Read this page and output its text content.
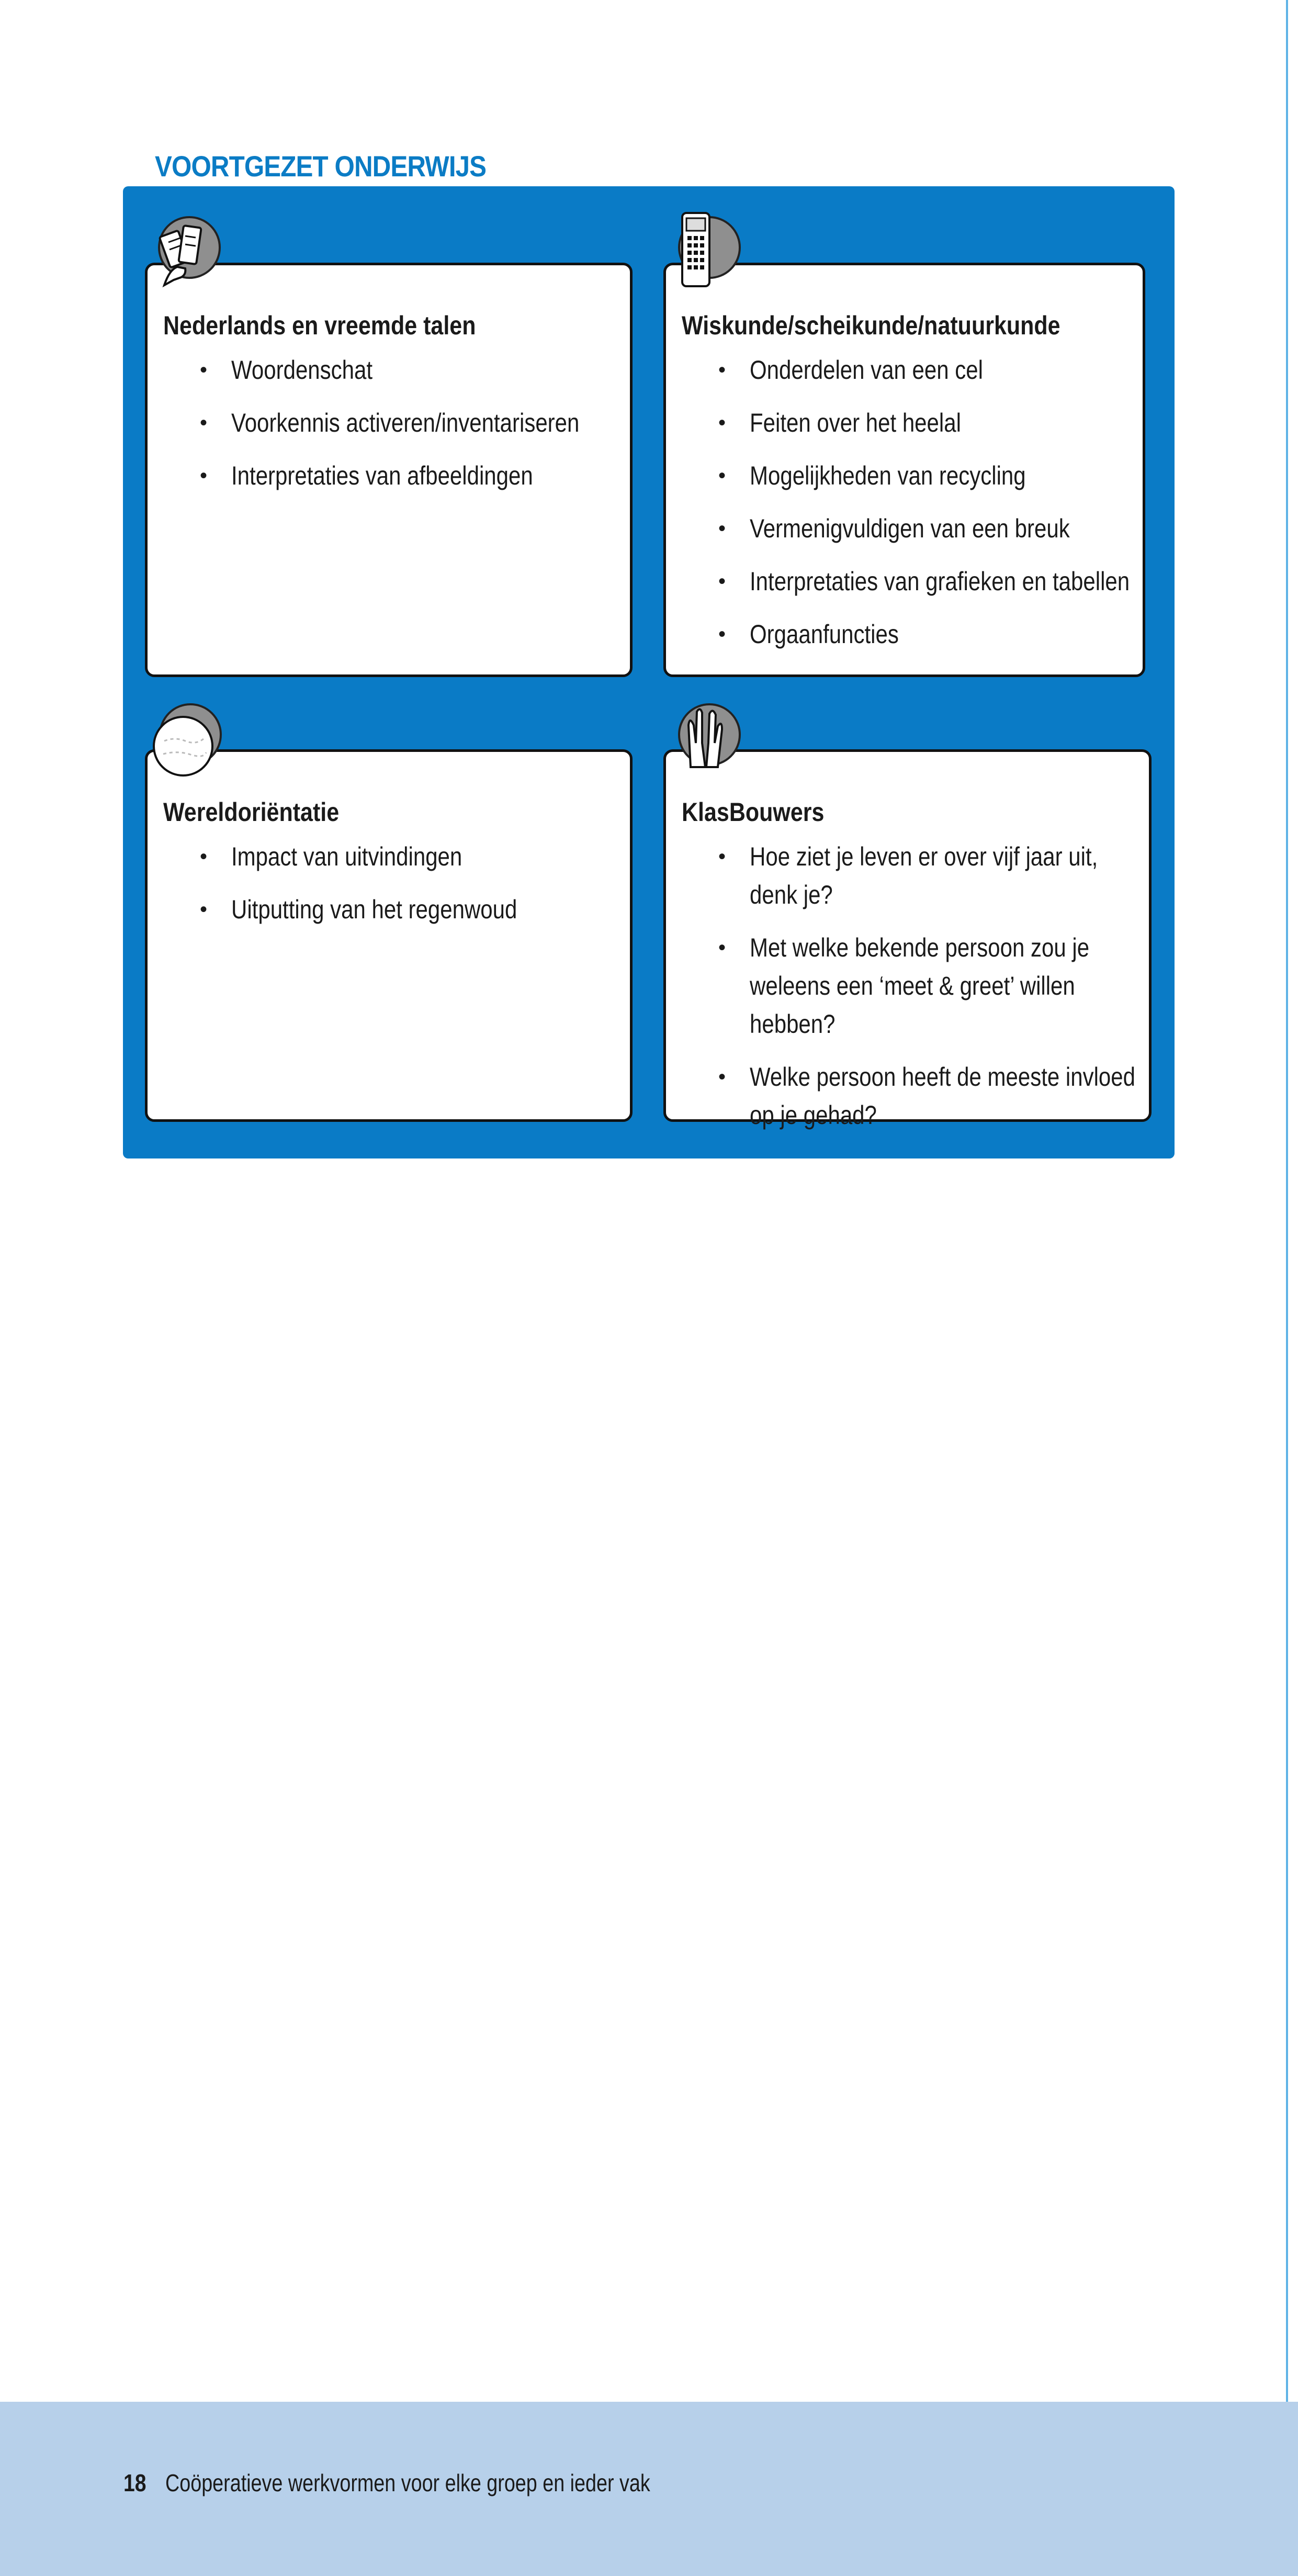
VOORTGEZET ONDERWIJS
Nederlands en vreemde talen
• Woordenschat
• Voorkennis activeren/inventariseren
• Interpretaties van afbeeldingen
Wiskunde/scheikunde/natuurkunde
• Onderdelen van een cel
• Feiten over het heelal
• Mogelijkheden van recycling
• Vermenigvuldigen van een breuk
• Interpretaties van grafieken en tabellen
• Orgaanfuncties
Wereldoriëntatie
• Impact van uitvindingen
• Uitputting van het regenwoud
KlasBouwers
• Hoe ziet je leven er over vijf jaar uit, denk je?
• Met welke bekende persoon zou je weleens een ‘meet & greet’ willen hebben?
• Welke persoon heeft de meeste invloed op je gehad?
18 Coöperatieve werkvormen voor elke groep en ieder vak
